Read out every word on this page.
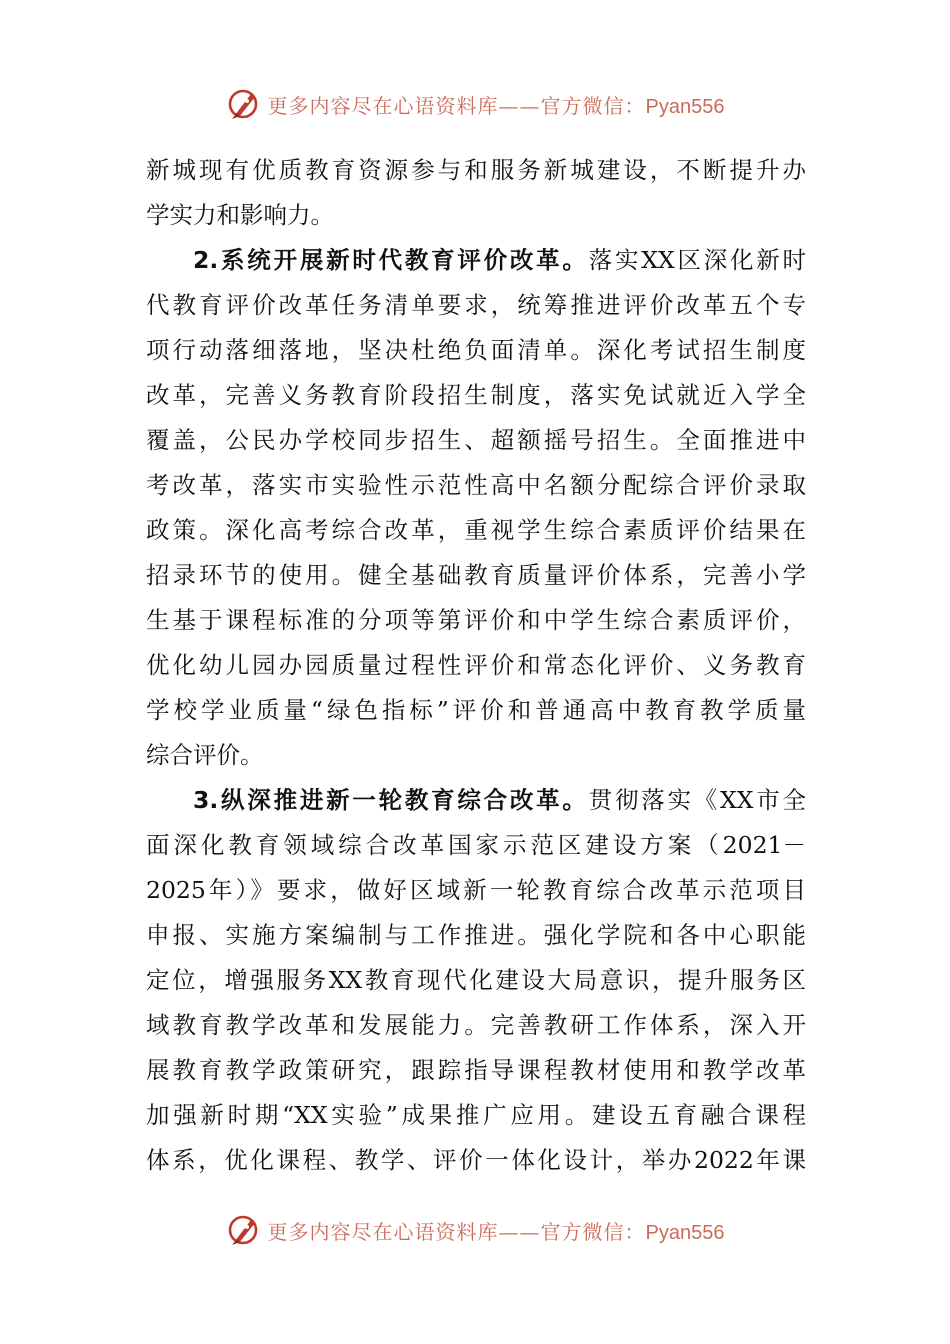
更多内容尽在心语资料库——官方微信：Pyan556
新城现有优质教育资源参与和服务新城建设，不断提升办
学实力和影响力。
2.系统开展新时代教育评价改革。落实XX区深化新时
代教育评价改革任务清单要求，统筹推进评价改革五个专
项行动落细落地，坚决杜绝负面清单。深化考试招生制度
改革，完善义务教育阶段招生制度，落实免试就近入学全
覆盖，公民办学校同步招生、超额摇号招生。全面推进中
考改革，落实市实验性示范性高中名额分配综合评价录取
政策。深化高考综合改革，重视学生综合素质评价结果在
招录环节的使用。健全基础教育质量评价体系，完善小学
生基于课程标准的分项等第评价和中学生综合素质评价，
优化幼儿园办园质量过程性评价和常态化评价、义务教育
学校学业质量“绿色指标”评价和普通高中教育教学质量
综合评价。
3.纵深推进新一轮教育综合改革。贯彻落实《XX市全
面深化教育领域综合改革国家示范区建设方案（2021－
2025年）》要求，做好区域新一轮教育综合改革示范项目
申报、实施方案编制与工作推进。强化学院和各中心职能
定位，增强服务XX教育现代化建设大局意识，提升服务区
域教育教学改革和发展能力。完善教研工作体系，深入开
展教育教学政策研究，跟踪指导课程教材使用和教学改革
加强新时期“XX实验”成果推广应用。建设五育融合课程
体系，优化课程、教学、评价一体化设计，举办2022年课
更多内容尽在心语资料库——官方微信：Pyan556
